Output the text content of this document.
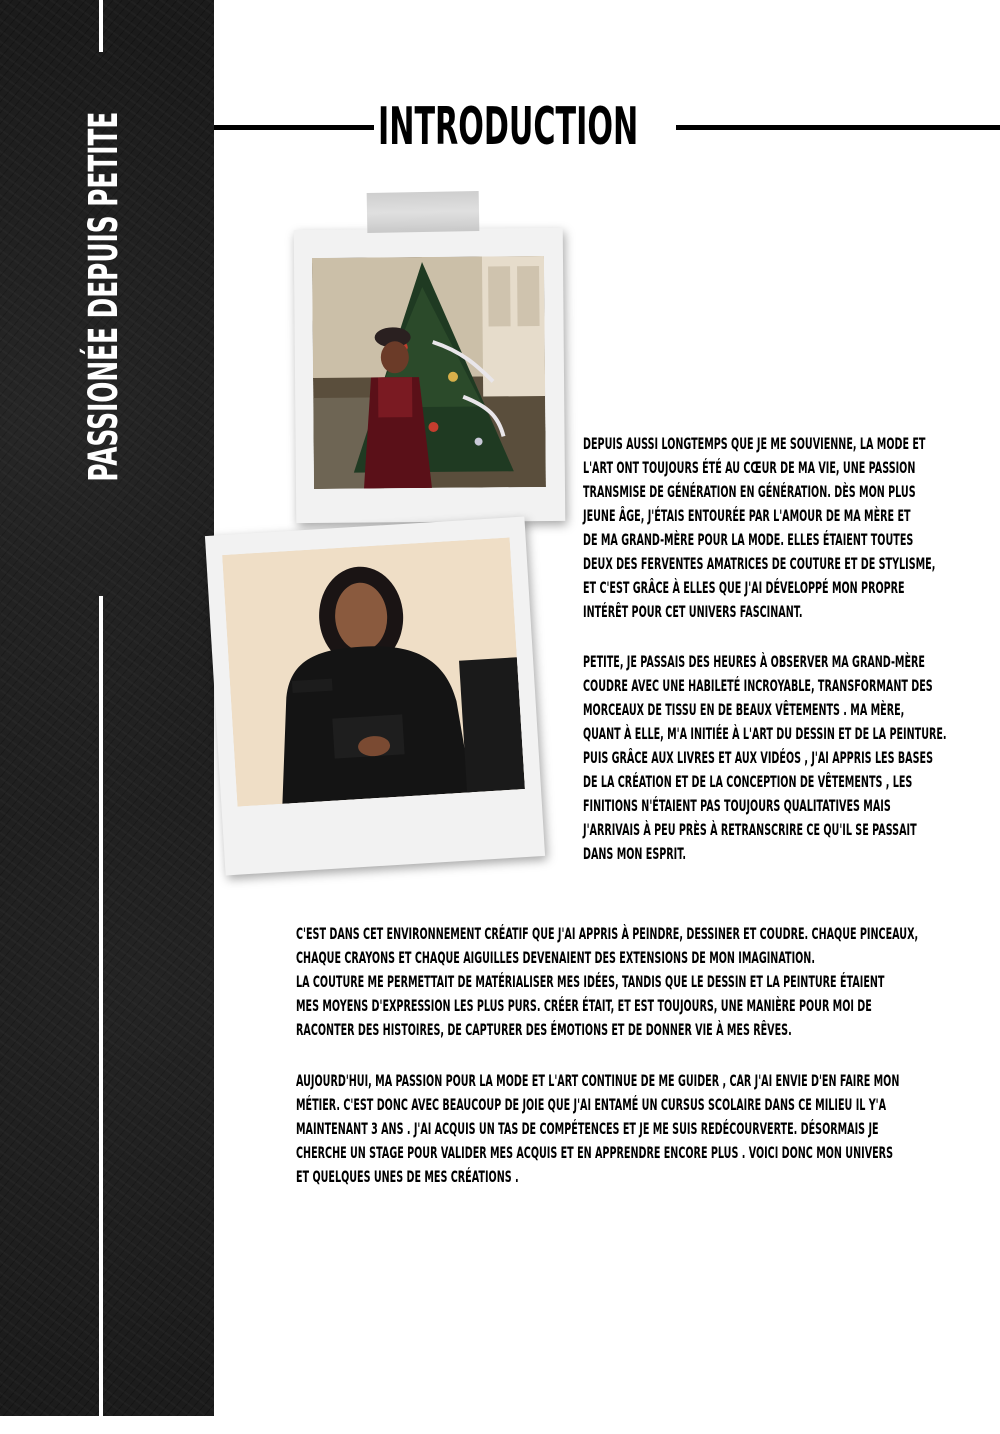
PASSIONÉE DEPUIS PETITE	INTRODUCTION
DEPUIS AUSSI LONGTEMPS QUE JE ME SOUVIENNE, LA MODE ET
L'ART ONT TOUJOURS ÉTÉ AU CŒUR DE MA VIE, UNE PASSION
TRANSMISE DE GÉNÉRATION EN GÉNÉRATION. DÈS MON PLUS
JEUNE ÂGE, J'ÉTAIS ENTOURÉE PAR L'AMOUR DE MA MÈRE ET
DE MA GRAND-MÈRE POUR LA MODE. ELLES ÉTAIENT TOUTES
DEUX DES FERVENTES AMATRICES DE COUTURE ET DE STYLISME,
ET C'EST GRÂCE À ELLES QUE J'AI DÉVELOPPÉ MON PROPRE
INTÉRÊT POUR CET UNIVERS FASCINANT.
PETITE, JE PASSAIS DES HEURES À OBSERVER MA GRAND-MÈRE
COUDRE AVEC UNE HABILETÉ INCROYABLE, TRANSFORMANT DES
MORCEAUX DE TISSU EN DE BEAUX VÊTEMENTS . MA MÈRE,
QUANT À ELLE, M'A INITIÉE À L'ART DU DESSIN ET DE LA PEINTURE.
PUIS GRÂCE AUX LIVRES ET AUX VIDÉOS , J'AI APPRIS LES BASES
DE LA CRÉATION ET DE LA CONCEPTION DE VÊTEMENTS , LES
FINITIONS N'ÉTAIENT PAS TOUJOURS QUALITATIVES MAIS
J'ARRIVAIS À PEU PRÈS À RETRANSCRIRE CE QU'IL SE PASSAIT
DANS MON ESPRIT.
C'EST DANS CET ENVIRONNEMENT CRÉATIF QUE J'AI APPRIS À PEINDRE, DESSINER ET COUDRE. CHAQUE PINCEAUX,
CHAQUE CRAYONS ET CHAQUE AIGUILLES DEVENAIENT DES EXTENSIONS DE MON IMAGINATION.
LA COUTURE ME PERMETTAIT DE MATÉRIALISER MES IDÉES, TANDIS QUE LE DESSIN ET LA PEINTURE ÉTAIENT
MES MOYENS D'EXPRESSION LES PLUS PURS. CRÉER ÉTAIT, ET EST TOUJOURS, UNE MANIÈRE POUR MOI DE
RACONTER DES HISTOIRES, DE CAPTURER DES ÉMOTIONS ET DE DONNER VIE À MES RÊVES.
AUJOURD'HUI, MA PASSION POUR LA MODE ET L'ART CONTINUE DE ME GUIDER , CAR J'AI ENVIE D'EN FAIRE MON
MÉTIER. C'EST DONC AVEC BEAUCOUP DE JOIE QUE J'AI ENTAMÉ UN CURSUS SCOLAIRE DANS CE MILIEU IL Y'A
MAINTENANT 3 ANS . J'AI ACQUIS UN TAS DE COMPÉTENCES ET JE ME SUIS REDÉCOURVERTE. DÉSORMAIS JE
CHERCHE UN STAGE POUR VALIDER MES ACQUIS ET EN APPRENDRE ENCORE PLUS . VOICI DONC MON UNIVERS
ET QUELQUES UNES DE MES CRÉATIONS .
